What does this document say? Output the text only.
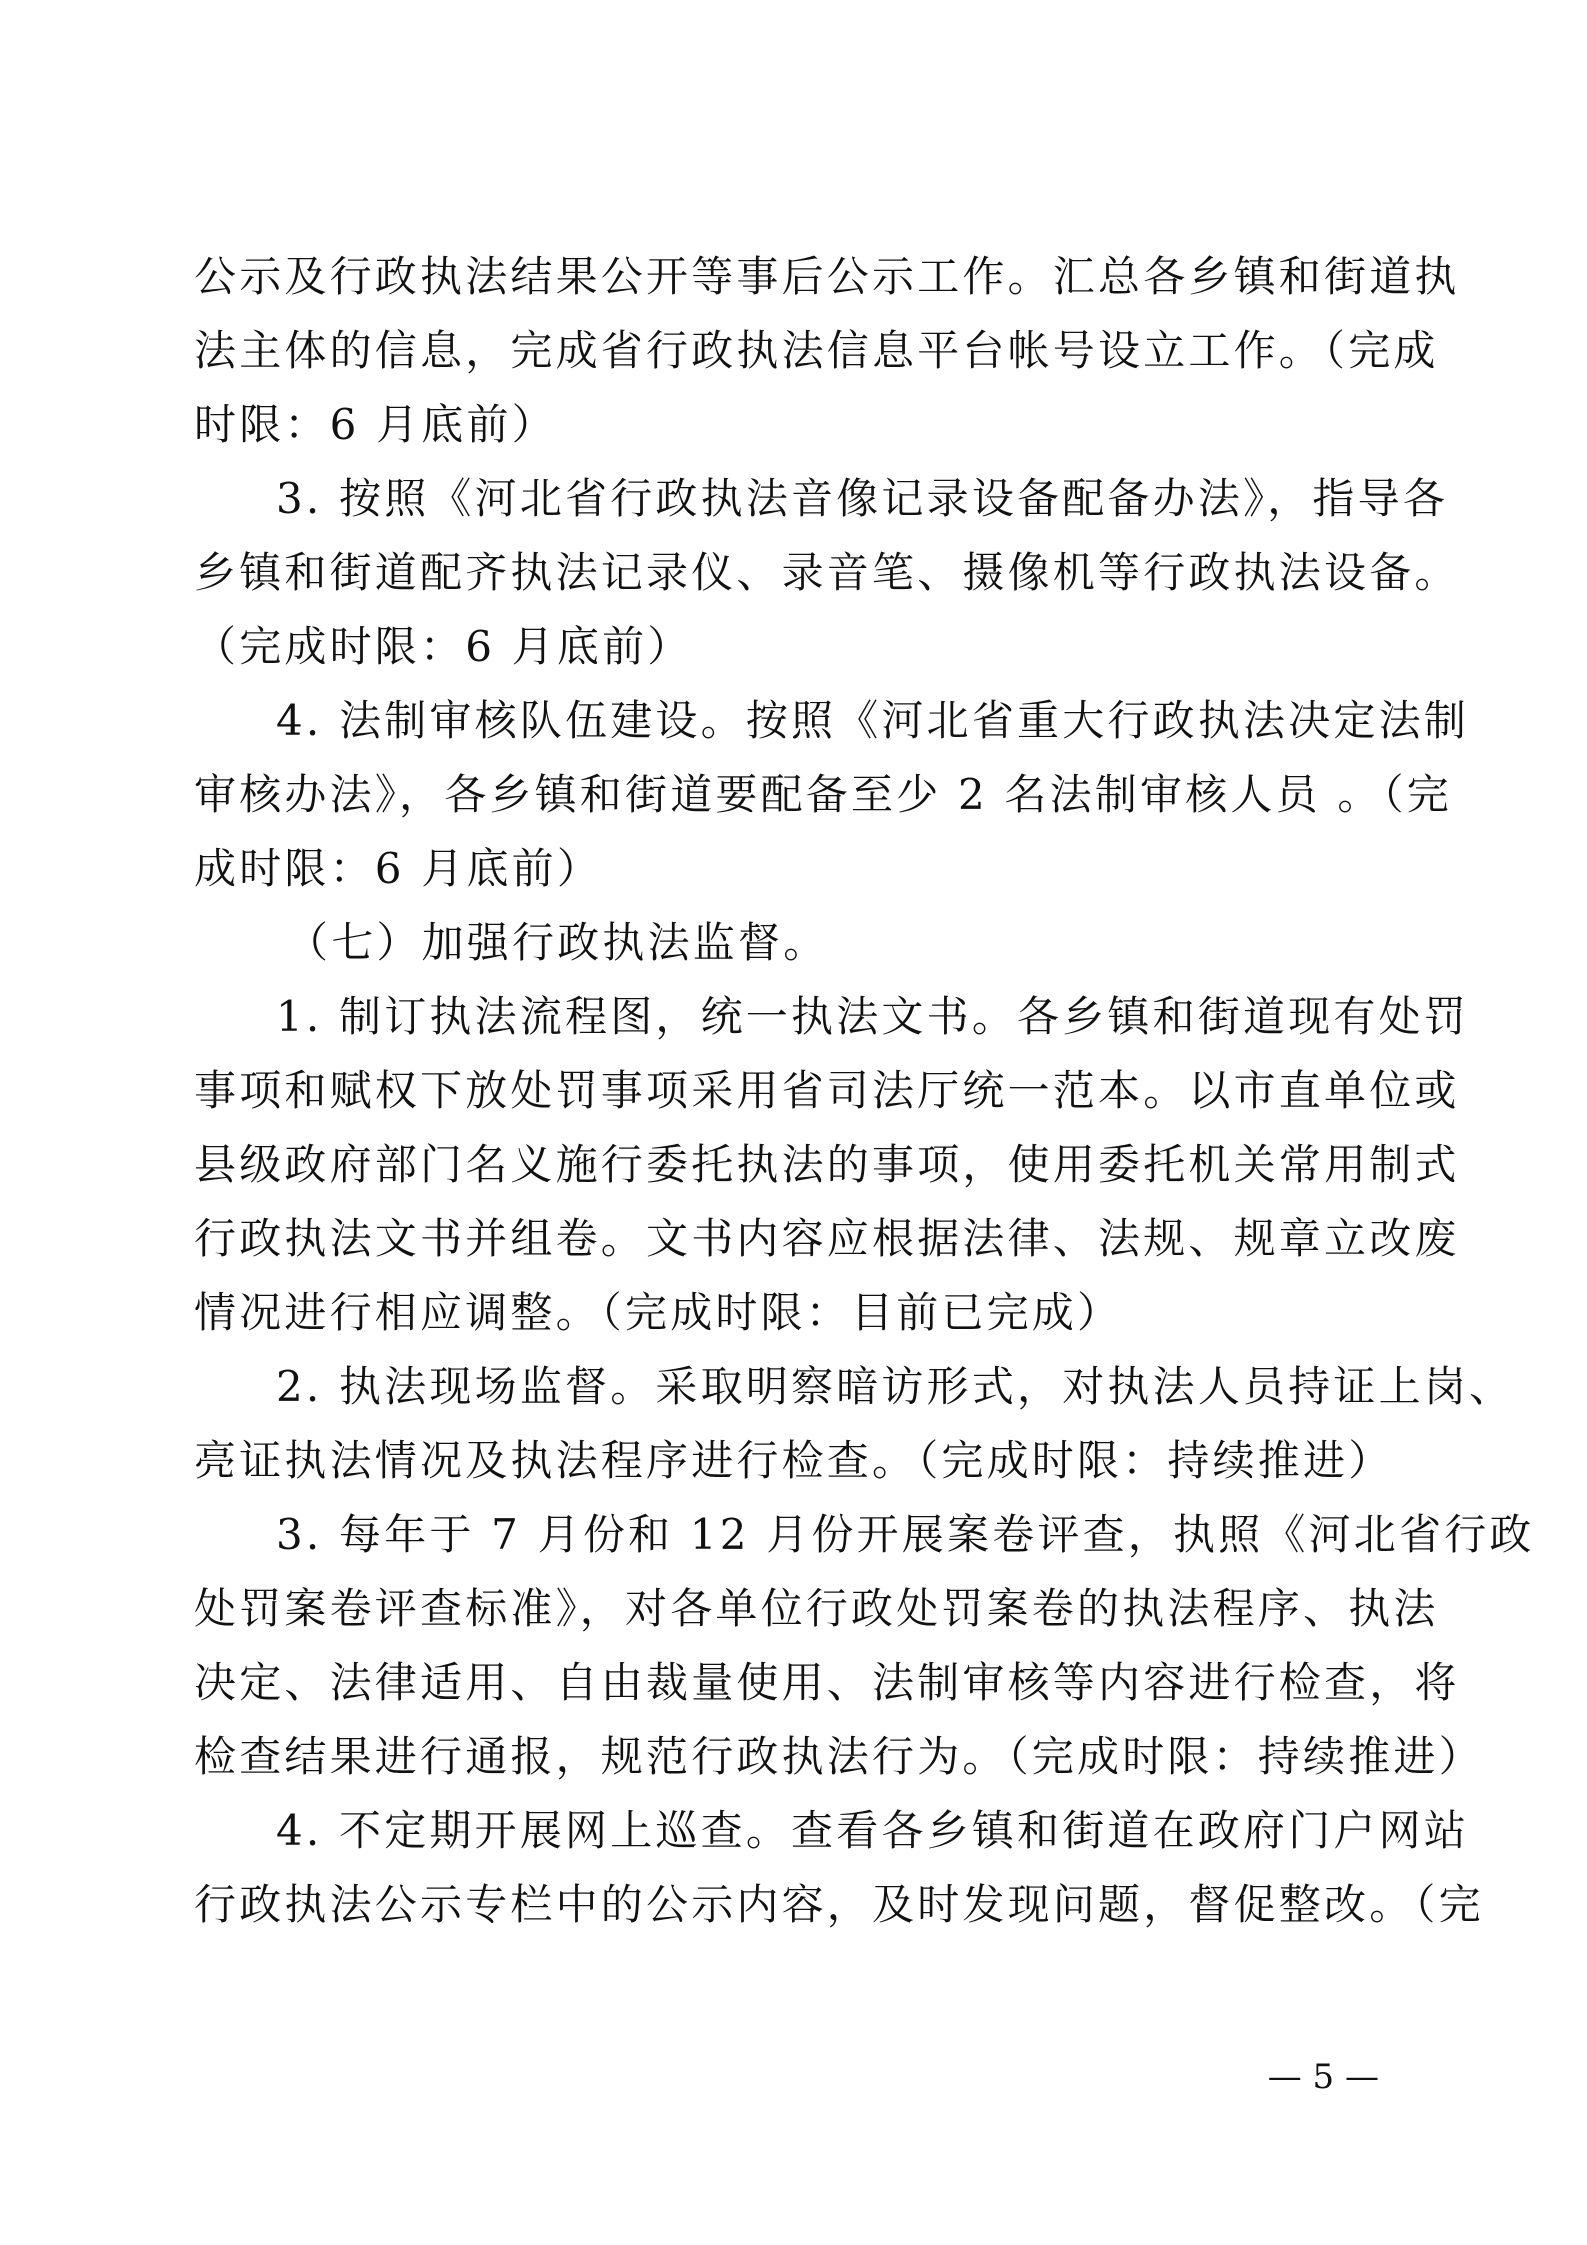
公示及行政执法结果公开等事后公示工作。汇总各乡镇和街道执
法主体的信息，完成省行政执法信息平台帐号设立工作。（完成
时限：6 月底前）
3. 按照《河北省行政执法音像记录设备配备办法》，指导各
乡镇和街道配齐执法记录仪、录音笔、摄像机等行政执法设备。
（完成时限：6 月底前）
4. 法制审核队伍建设。按照《河北省重大行政执法决定法制
审核办法》，各乡镇和街道要配备至少 2 名法制审核人员 。（完
成时限：6 月底前）
（七）加强行政执法监督。
1. 制订执法流程图，统一执法文书。各乡镇和街道现有处罚
事项和赋权下放处罚事项采用省司法厅统一范本。以市直单位或
县级政府部门名义施行委托执法的事项，使用委托机关常用制式
行政执法文书并组卷。文书内容应根据法律、法规、规章立改废
情况进行相应调整。（完成时限：目前已完成）
2. 执法现场监督。采取明察暗访形式，对执法人员持证上岗、
亮证执法情况及执法程序进行检查。（完成时限：持续推进）
3. 每年于 7 月份和 12 月份开展案卷评查，执照《河北省行政
处罚案卷评查标准》，对各单位行政处罚案卷的执法程序、执法
决定、法律适用、自由裁量使用、法制审核等内容进行检查，将
检查结果进行通报，规范行政执法行为。（完成时限：持续推进）
4. 不定期开展网上巡查。查看各乡镇和街道在政府门户网站
行政执法公示专栏中的公示内容，及时发现问题，督促整改。（完
— 5 —
